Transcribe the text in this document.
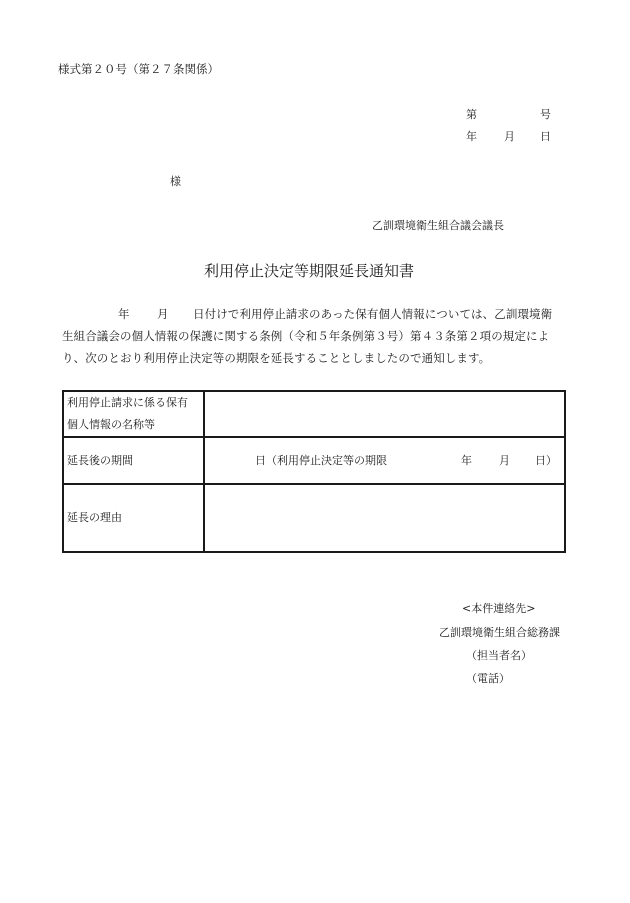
様式第２０号（第２７条関係）
第	号
年 月 日
様
乙訓環境衛生組合議会議長
利用停止決定等期限延長通知書
年 月 日付けで利用停止請求のあった保有個人情報については、乙訓環境衛
生組合議会の個人情報の保護に関する条例（令和５年条例第３号）第４３条第２項の規定によ
り、次のとおり利用停止決定等の期限を延長することとしましたので通知します。
利用停止請求に係る保有
個人情報の名称等	

延長後の期間	日（利用停止決定等の期限 年 月 日）

延長の理由	
<本件連絡先>
乙訓環境衛生組合総務課
（担当者名）
（電話）
